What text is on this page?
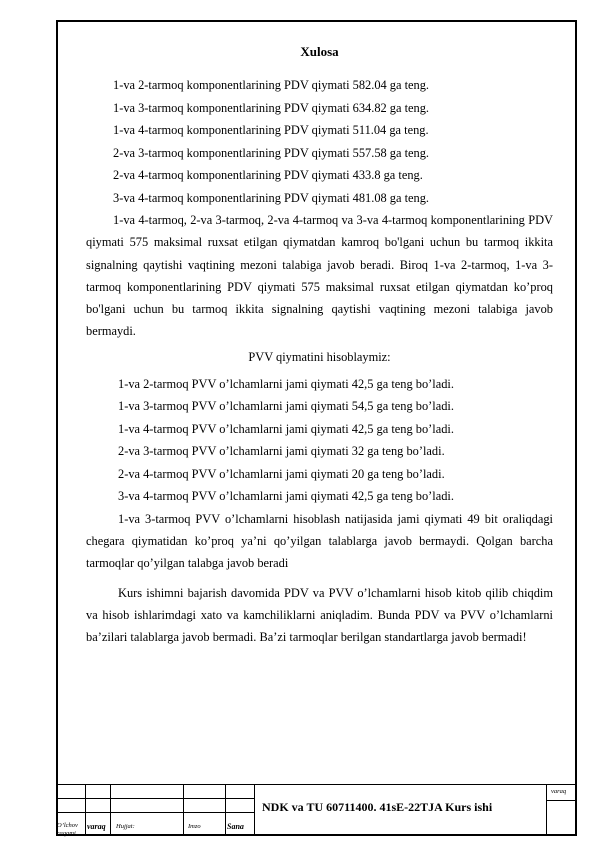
Xulosa
1-va 2-tarmoq komponentlarining PDV qiymati 582.04 ga teng.
1-va 3-tarmoq komponentlarining PDV qiymati 634.82 ga teng.
1-va 4-tarmoq komponentlarining PDV qiymati 511.04 ga teng.
2-va 3-tarmoq komponentlarining PDV qiymati 557.58 ga teng.
2-va 4-tarmoq komponentlarining PDV qiymati 433.8 ga teng.
3-va 4-tarmoq komponentlarining PDV qiymati 481.08 ga teng.
1-va 4-tarmoq, 2-va 3-tarmoq, 2-va 4-tarmoq va 3-va 4-tarmoq komponentlarining PDV qiymati 575 maksimal ruxsat etilgan qiymatdan kamroq bo'lgani uchun bu tarmoq ikkita signalning qaytishi vaqtining mezoni talabiga javob beradi. Biroq 1-va 2-tarmoq, 1-va 3-tarmoq komponentlarining PDV qiymati 575 maksimal ruxsat etilgan qiymatdan ko’proq bo'lgani uchun bu tarmoq ikkita signalning qaytishi vaqtining mezoni talabiga javob bermaydi.
PVV qiymatini hisoblaymiz:
1-va 2-tarmoq PVV o’lchamlarni jami qiymati 42,5 ga teng bo’ladi.
1-va 3-tarmoq PVV o’lchamlarni jami qiymati 54,5 ga teng bo’ladi.
1-va 4-tarmoq PVV o’lchamlarni jami qiymati 42,5 ga teng bo’ladi.
2-va 3-tarmoq PVV o’lchamlarni jami qiymati 32 ga teng bo’ladi.
2-va 4-tarmoq PVV o’lchamlarni jami qiymati 20 ga teng bo’ladi.
3-va 4-tarmoq PVV o’lchamlarni jami qiymati 42,5 ga teng bo’ladi.
1-va 3-tarmoq PVV o’lchamlarni hisoblash natijasida jami qiymati 49 bit oraliqdagi chegara qiymatidan ko’proq ya’ni qo’yilgan talablarga javob bermaydi. Qolgan barcha tarmoqlar qo’yilgan talabga javob beradi
Kurs ishimni bajarish davomida PDV va PVV o’lchamlarni hisob kitob qilib chiqdim va hisob ishlarimdagi xato va kamchiliklarni aniqladim. Bunda PDV va PVV o’lchamlarni ba’zilari talablarga javob bermadi. Ba’zi tarmoqlar berilgan standartlarga javob bermadi!
O’lchov
raqami
varaq Hujjat:	Imzo	Sana
NDK va TU 60711400. 41sE-22TJA Kurs ishi
varaq
